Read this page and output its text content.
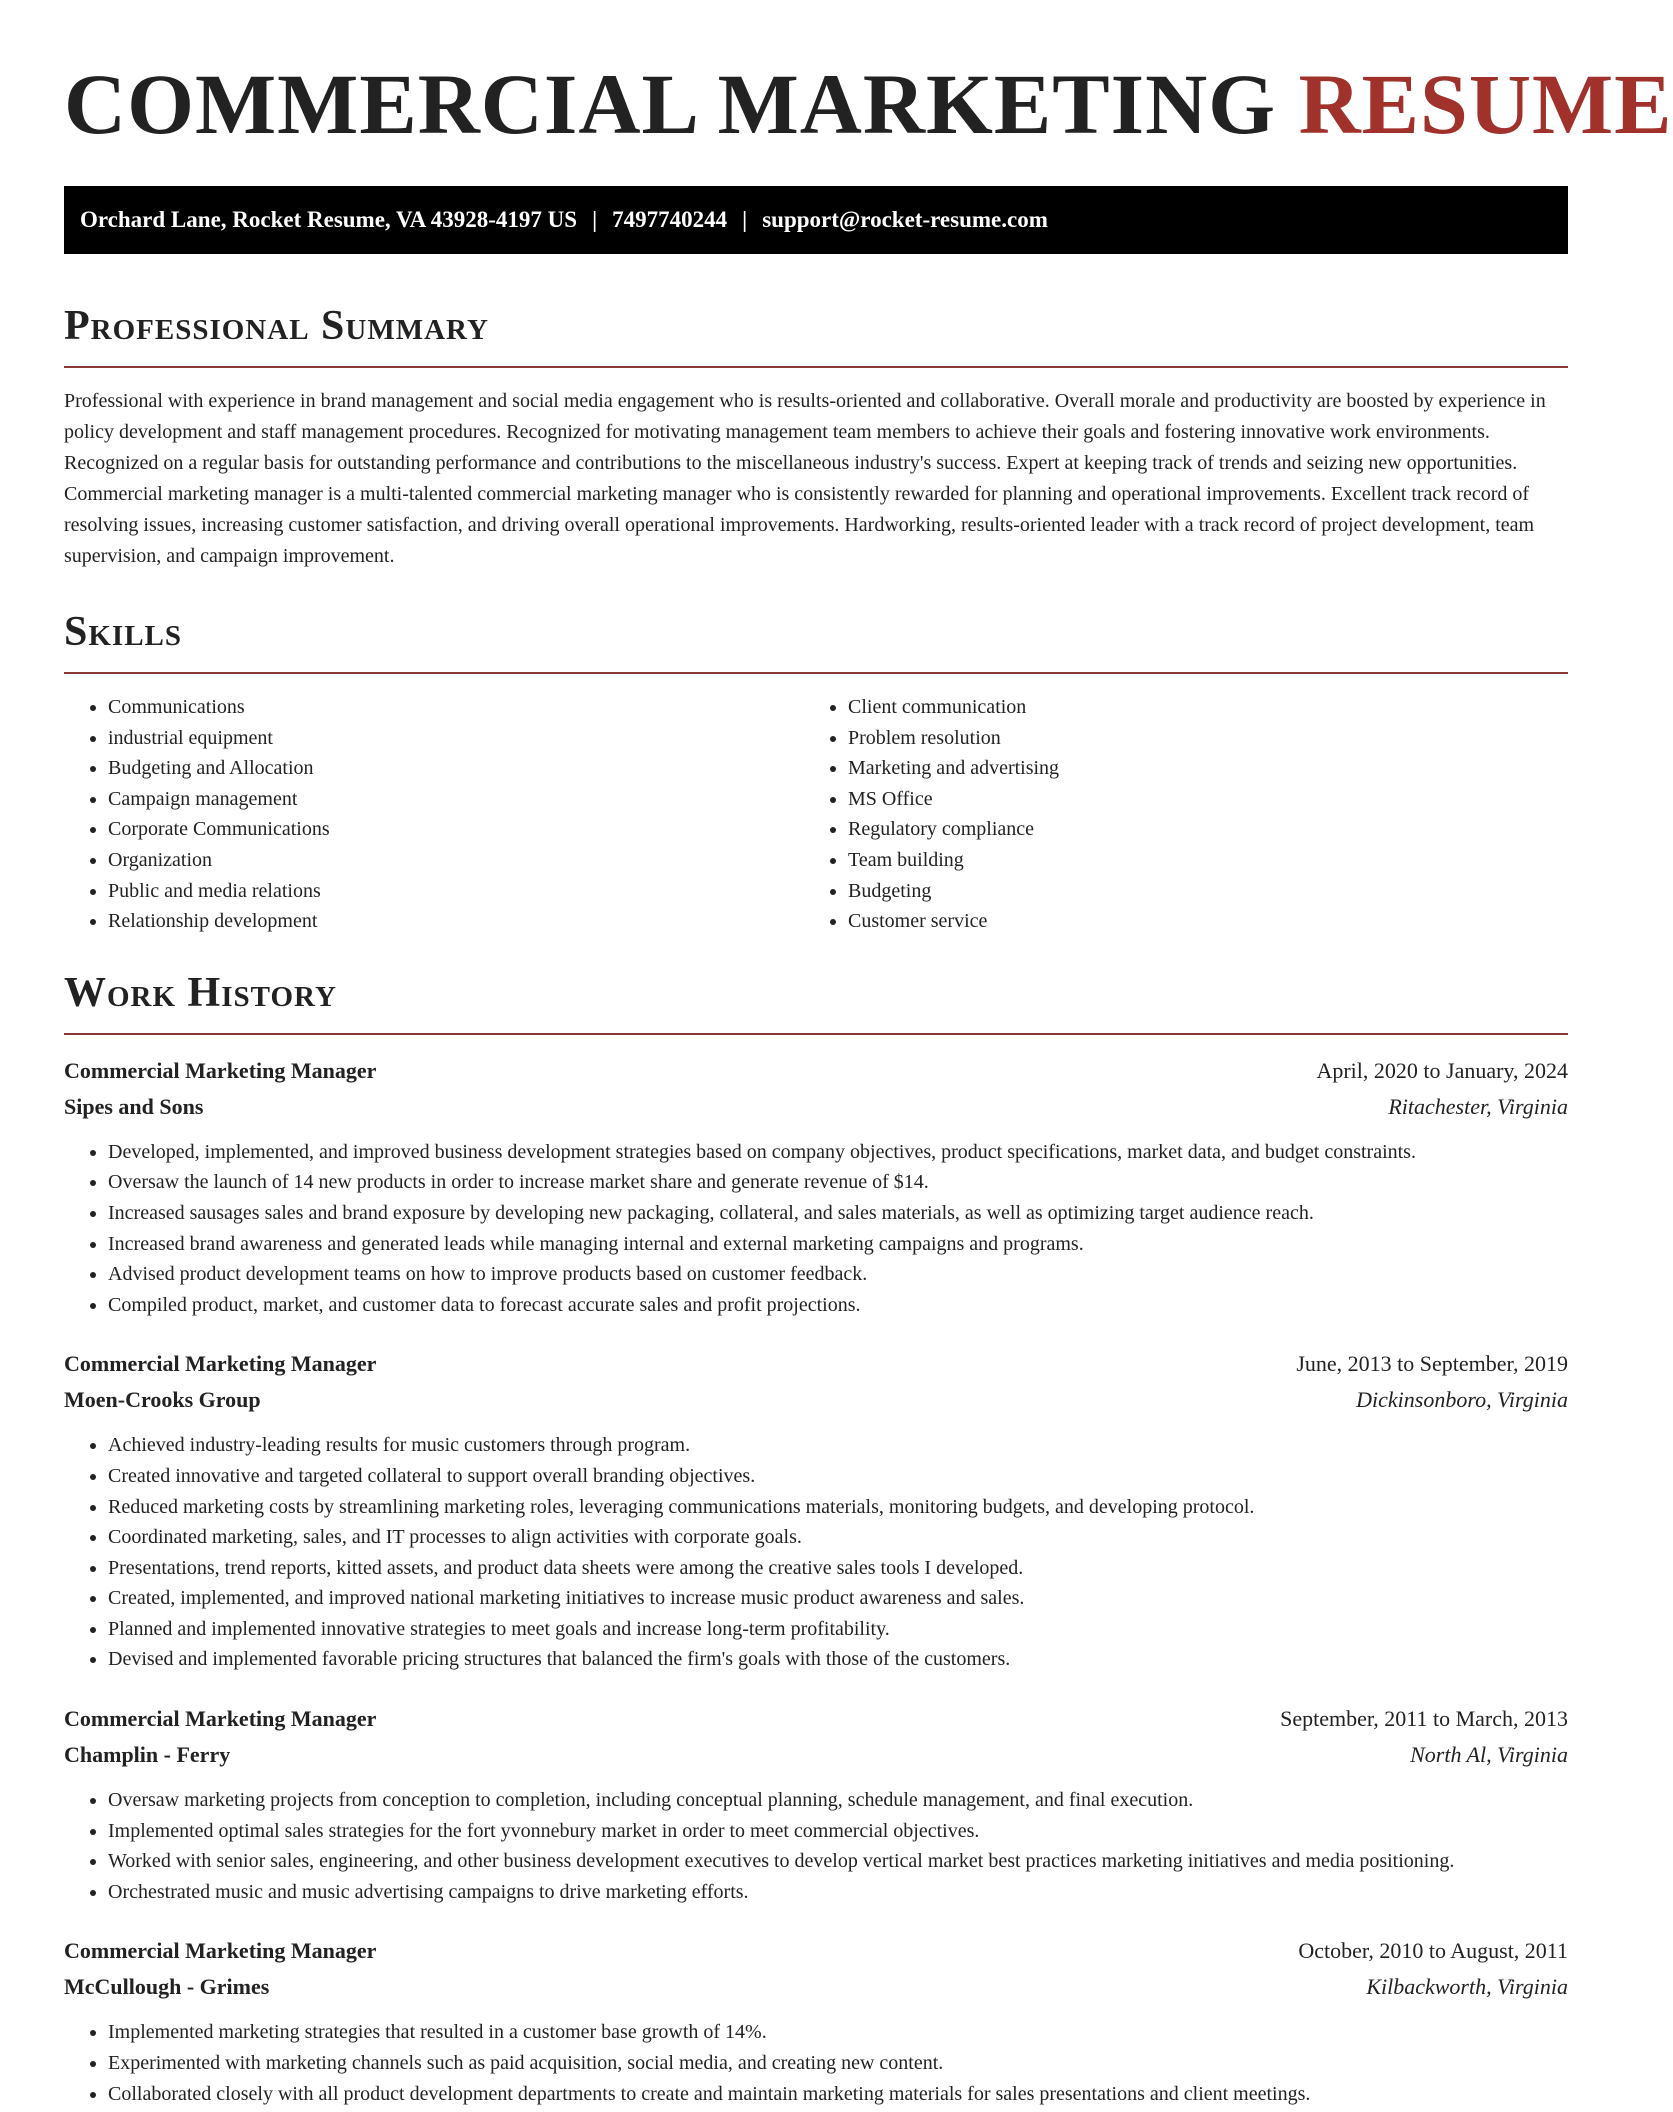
COMMERCIAL MARKETING RESUME
Orchard Lane, Rocket Resume, VA 43928-4197 US | 7497740244 | support@rocket-resume.com
Professional Summary

Professional with experience in brand management and social media engagement who is results-oriented and collaborative. Overall morale and productivity are boosted by experience in policy development and staff management procedures. Recognized for motivating management team members to achieve their goals and fostering innovative work environments. Recognized on a regular basis for outstanding performance and contributions to the miscellaneous industry's success. Expert at keeping track of trends and seizing new opportunities. Commercial marketing manager is a multi-talented commercial marketing manager who is consistently rewarded for planning and operational improvements. Excellent track record of resolving issues, increasing customer satisfaction, and driving overall operational improvements. Hardworking, results-oriented leader with a track record of project development, team supervision, and campaign improvement.

Skills
• Communications
• industrial equipment
• Budgeting and Allocation
• Campaign management
• Corporate Communications
• Organization
• Public and media relations
• Relationship development
• Client communication
• Problem resolution
• Marketing and advertising
• MS Office
• Regulatory compliance
• Team building
• Budgeting
• Customer service
Work History
Commercial Marketing Manager	April, 2020 to January, 2024
Sipes and Sons	Ritachester, Virginia
• Developed, implemented, and improved business development strategies based on company objectives, product specifications, market data, and budget constraints.
• Oversaw the launch of 14 new products in order to increase market share and generate revenue of $14.
• Increased sausages sales and brand exposure by developing new packaging, collateral, and sales materials, as well as optimizing target audience reach.
• Increased brand awareness and generated leads while managing internal and external marketing campaigns and programs.
• Advised product development teams on how to improve products based on customer feedback.
• Compiled product, market, and customer data to forecast accurate sales and profit projections.
Commercial Marketing Manager	June, 2013 to September, 2019
Moen-Crooks Group	Dickinsonboro, Virginia
• Achieved industry-leading results for music customers through program.
• Created innovative and targeted collateral to support overall branding objectives.
• Reduced marketing costs by streamlining marketing roles, leveraging communications materials, monitoring budgets, and developing protocol.
• Coordinated marketing, sales, and IT processes to align activities with corporate goals.
• Presentations, trend reports, kitted assets, and product data sheets were among the creative sales tools I developed.
• Created, implemented, and improved national marketing initiatives to increase music product awareness and sales.
• Planned and implemented innovative strategies to meet goals and increase long-term profitability.
• Devised and implemented favorable pricing structures that balanced the firm's goals with those of the customers.
Commercial Marketing Manager	September, 2011 to March, 2013
Champlin - Ferry	North Al, Virginia
• Oversaw marketing projects from conception to completion, including conceptual planning, schedule management, and final execution.
• Implemented optimal sales strategies for the fort yvonnebury market in order to meet commercial objectives.
• Worked with senior sales, engineering, and other business development executives to develop vertical market best practices marketing initiatives and media positioning.
• Orchestrated music and music advertising campaigns to drive marketing efforts.
Commercial Marketing Manager	October, 2010 to August, 2011
McCullough - Grimes	Kilbackworth, Virginia
• Implemented marketing strategies that resulted in a customer base growth of 14%.
• Experimented with marketing channels such as paid acquisition, social media, and creating new content.
• Collaborated closely with all product development departments to create and maintain marketing materials for sales presentations and client meetings.
